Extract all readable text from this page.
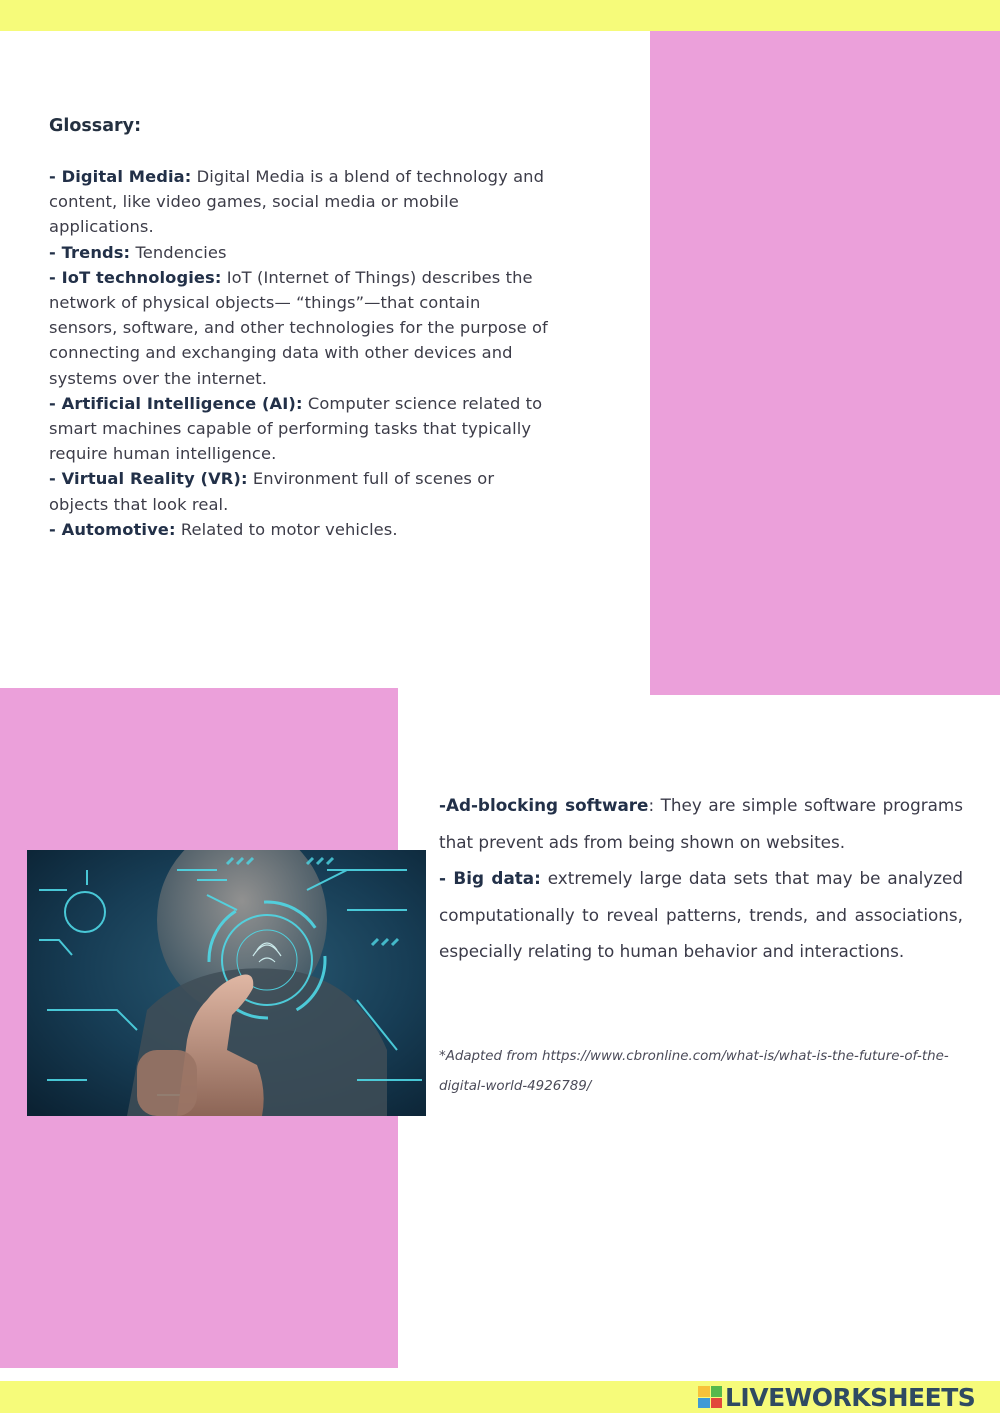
Glossary:
- Digital Media: Digital Media is a blend of technology and content, like video games, social media or mobile applications.
- Trends: Tendencies
- IoT technologies: IoT (Internet of Things) describes the network of physical objects— “things”—that contain sensors, software, and other technologies for the purpose of connecting and exchanging data with other devices and systems over the internet.
- Artificial Intelligence (AI): Computer science related to smart machines capable of performing tasks that typically require human intelligence.
- Virtual Reality (VR): Environment full of scenes or objects that look real.
- Automotive: Related to motor vehicles.
-Ad-blocking software: They are simple software programs that prevent ads from being shown on websites.
- Big data: extremely large data sets that may be analyzed computationally to reveal patterns, trends, and associations, especially relating to human behavior and interactions.
*Adapted from https://www.cbronline.com/what-is/what-is-the-future-of-the-digital-world-4926789/
LIVEWORKSHEETS
